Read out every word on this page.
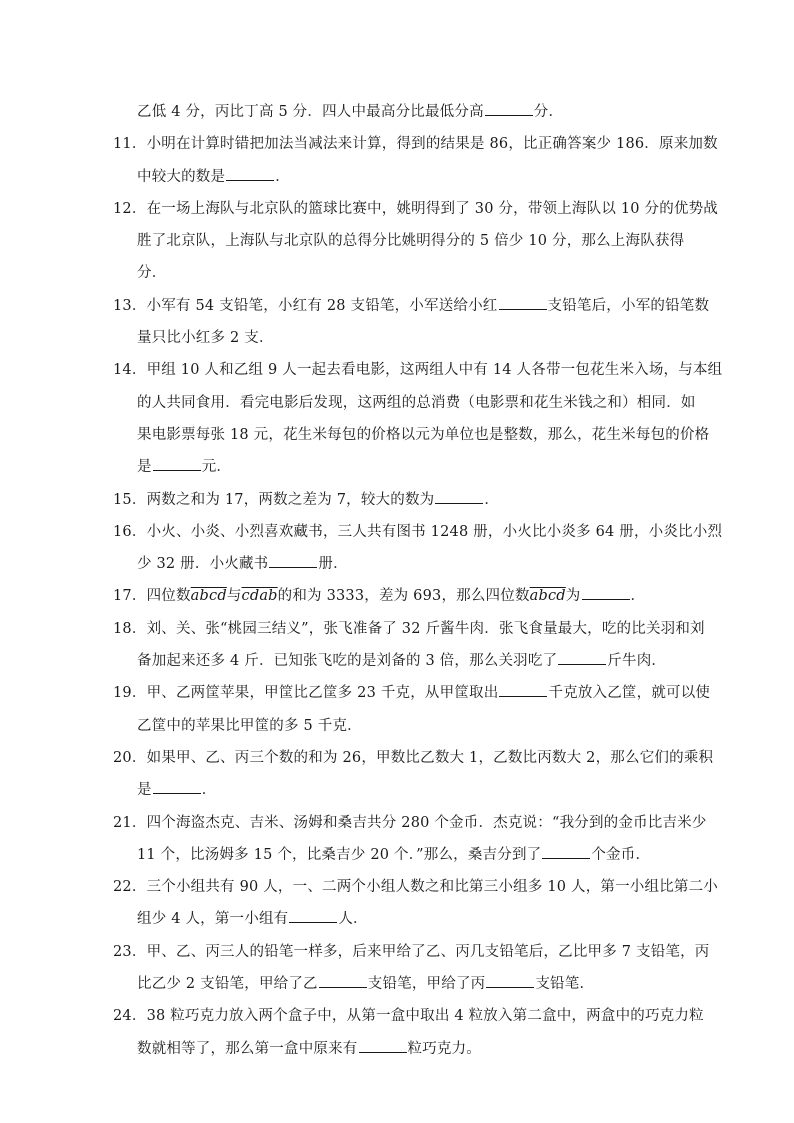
乙低 4 分，丙比丁高 5 分．四人中最高分比最低分高	分．
11．小明在计算时错把加法当减法来计算，得到的结果是 86，比正确答案少 186．原来加数
中较大的数是	．
12．在一场上海队与北京队的篮球比赛中，姚明得到了 30 分，带领上海队以 10 分的优势战
胜了北京队，上海队与北京队的总得分比姚明得分的 5 倍少 10 分，那么上海队获得
分．
13．小军有 54 支铅笔，小红有 28 支铅笔，小军送给小红	支铅笔后，小军的铅笔数
量只比小红多 2 支．
14．甲组 10 人和乙组 9 人一起去看电影，这两组人中有 14 人各带一包花生米入场，与本组
的人共同食用．看完电影后发现，这两组的总消费（电影票和花生米钱之和）相同．如
果电影票每张 18 元，花生米每包的价格以元为单位也是整数，那么，花生米每包的价格
是	元．
15．两数之和为 17，两数之差为 7，较大的数为	．
16．小火、小炎、小烈喜欢藏书，三人共有图书 1248 册，小火比小炎多 64 册，小炎比小烈
少 32 册．小火藏书	册．
17．四位数abcd与cdab的和为 3333，差为 693，那么四位数abcd为	．
18．刘、关、张“桃园三结义”，张飞准备了 32 斤酱牛肉．张飞食量最大，吃的比关羽和刘
备加起来还多 4 斤．已知张飞吃的是刘备的 3 倍，那么关羽吃了	斤牛肉．
19．甲、乙两筐苹果，甲筐比乙筐多 23 千克，从甲筐取出	千克放入乙筐，就可以使
乙筐中的苹果比甲筐的多 5 千克．
20．如果甲、乙、丙三个数的和为 26，甲数比乙数大 1，乙数比丙数大 2，那么它们的乘积
是	．
21．四个海盗杰克、吉米、汤姆和桑吉共分 280 个金币．杰克说：“我分到的金币比吉米少
11 个，比汤姆多 15 个，比桑吉少 20 个．”那么，桑吉分到了	个金币．
22．三个小组共有 90 人，一、二两个小组人数之和比第三小组多 10 人，第一小组比第二小
组少 4 人，第一小组有	人．
23．甲、乙、丙三人的铅笔一样多，后来甲给了乙、丙几支铅笔后，乙比甲多 7 支铅笔，丙
比乙少 2 支铅笔，甲给了乙	支铅笔，甲给了丙	支铅笔．
24．38 粒巧克力放入两个盒子中，从第一盒中取出 4 粒放入第二盒中，两盒中的巧克力粒
数就相等了，那么第一盒中原来有	粒巧克力。
